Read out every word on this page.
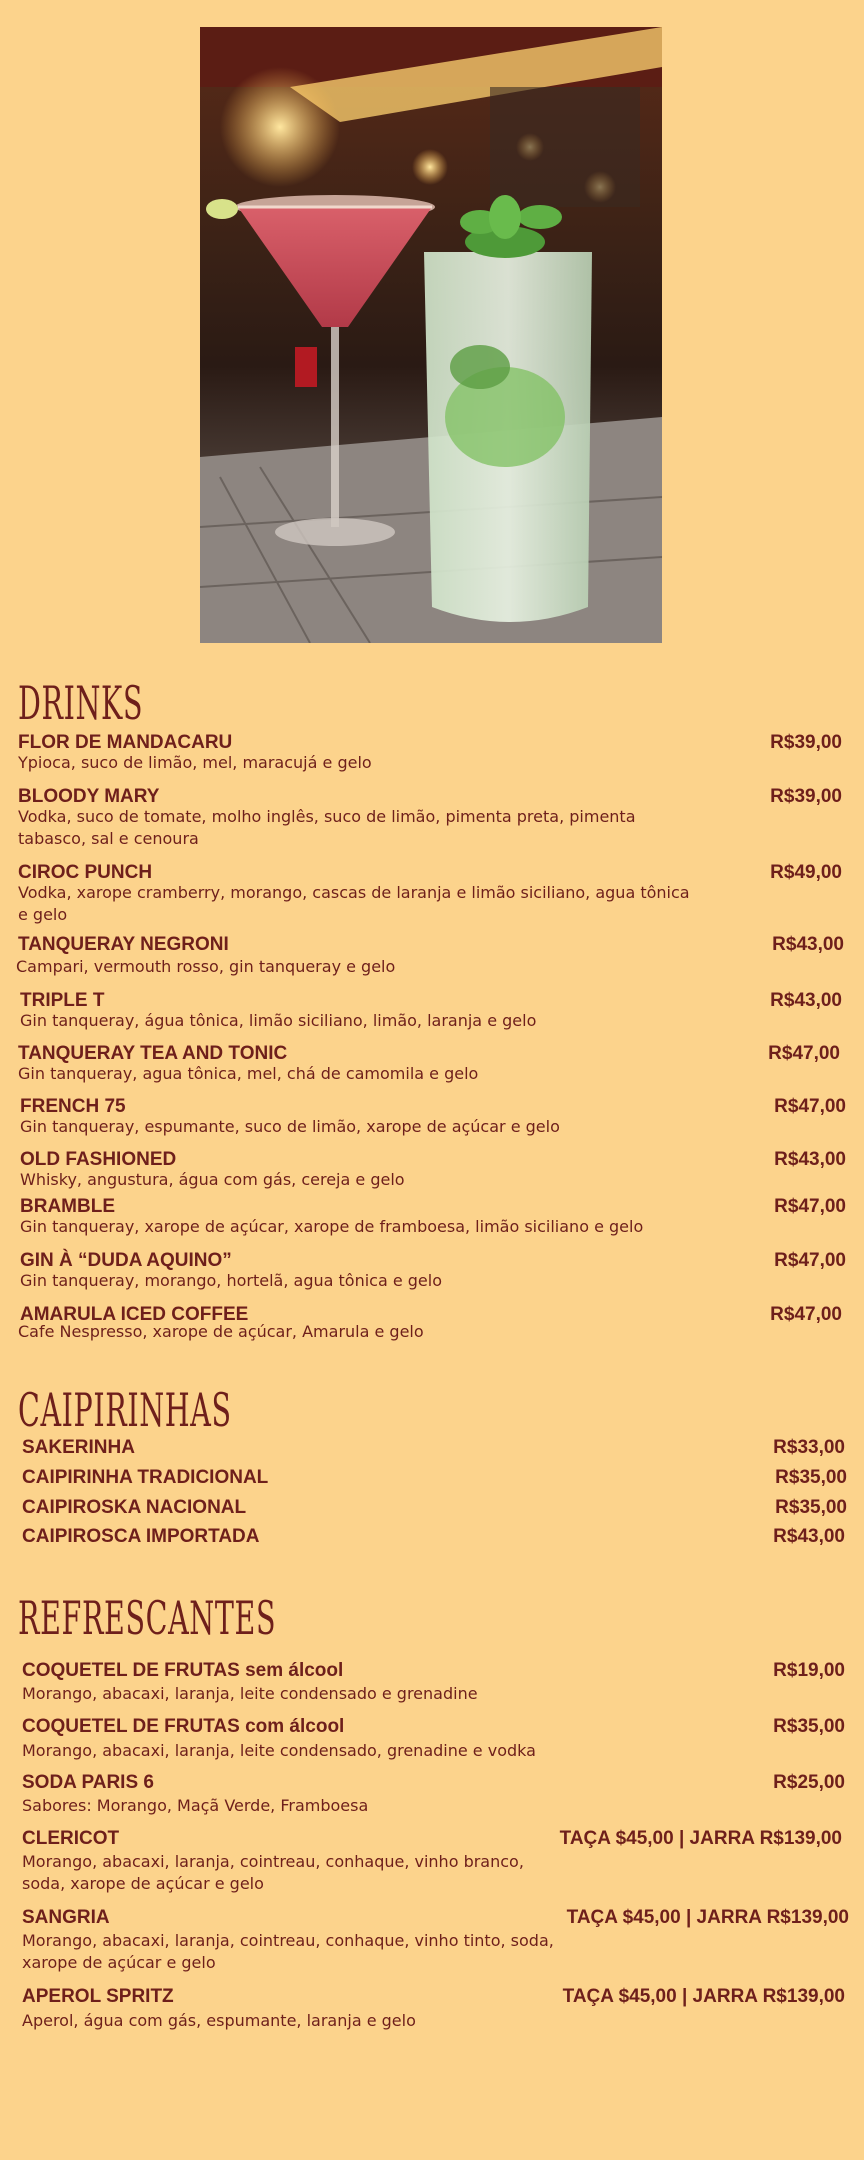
DRINKS
FLOR DE MANDACARU	R$39,00
Ypioca, suco de limão, mel, maracujá e gelo
BLOODY MARY	R$39,00
Vodka, suco de tomate, molho inglês, suco de limão, pimenta preta, pimenta tabasco, sal e cenoura
CIROC PUNCH	R$49,00
Vodka, xarope cramberry, morango, cascas de laranja e limão siciliano, agua tônica e gelo
TANQUERAY NEGRONI	R$43,00
Campari, vermouth rosso, gin tanqueray e gelo
TRIPLE T	R$43,00
Gin tanqueray, água tônica, limão siciliano, limão, laranja e gelo
TANQUERAY TEA AND TONIC	R$47,00
Gin tanqueray, agua tônica, mel, chá de camomila e gelo
FRENCH 75	R$47,00
Gin tanqueray, espumante, suco de limão, xarope de açúcar e gelo
OLD FASHIONED	R$43,00
Whisky, angustura, água com gás, cereja e gelo
BRAMBLE	R$47,00
Gin tanqueray, xarope de açúcar, xarope de framboesa, limão siciliano e gelo
GIN À “DUDA AQUINO”	R$47,00
Gin tanqueray, morango, hortelã, agua tônica e gelo
AMARULA ICED COFFEE	R$47,00
Cafe Nespresso, xarope de açúcar, Amarula e gelo
CAIPIRINHAS
SAKERINHA	R$33,00
CAIPIRINHA TRADICIONAL	R$35,00
CAIPIROSKA NACIONAL	R$35,00
CAIPIROSCA IMPORTADA	R$43,00
REFRESCANTES
COQUETEL DE FRUTAS sem álcool	R$19,00
Morango, abacaxi, laranja, leite condensado e grenadine
COQUETEL DE FRUTAS com álcool	R$35,00
Morango, abacaxi, laranja, leite condensado, grenadine e vodka
SODA PARIS 6	R$25,00
Sabores: Morango, Maçã Verde, Framboesa
CLERICOT	TAÇA $45,00 | JARRA R$139,00
Morango, abacaxi, laranja, cointreau, conhaque, vinho branco, soda, xarope de açúcar e gelo
SANGRIA	TAÇA $45,00 | JARRA R$139,00
Morango, abacaxi, laranja, cointreau, conhaque, vinho tinto, soda, xarope de açúcar e gelo
APEROL SPRITZ	TAÇA $45,00 | JARRA R$139,00
Aperol, água com gás, espumante, laranja e gelo
